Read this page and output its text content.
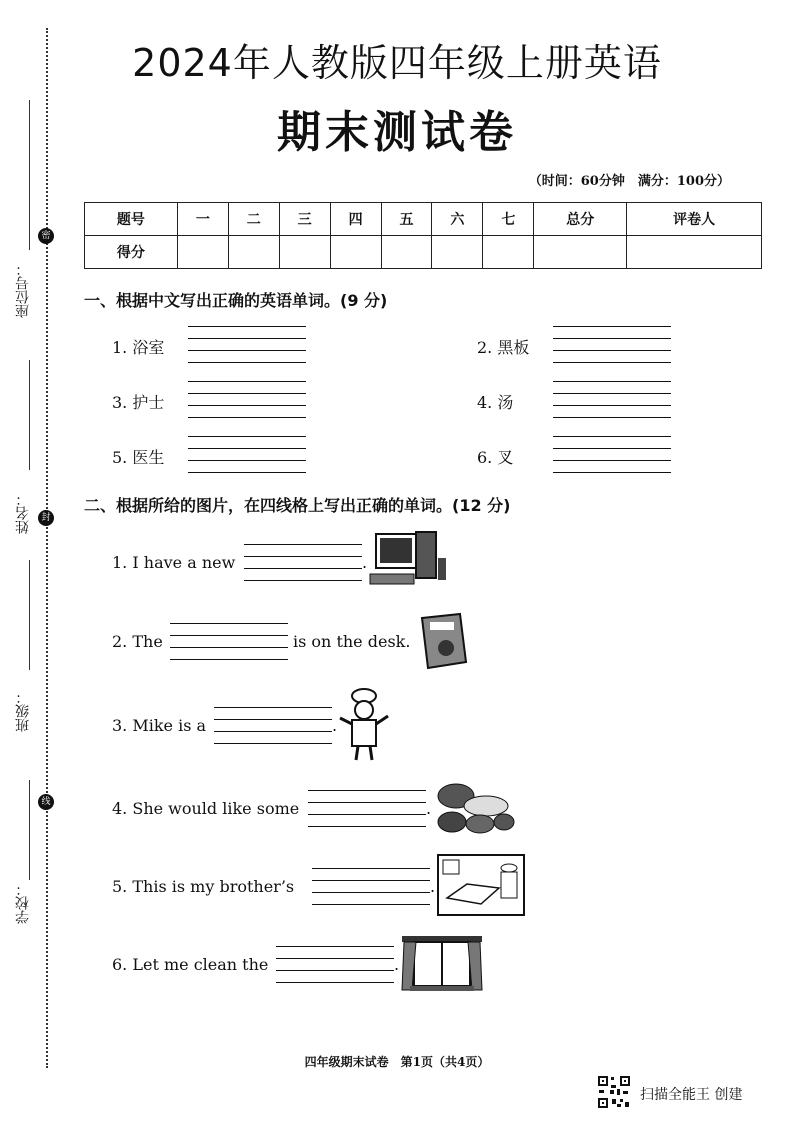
密
封
线
座位号：
姓名：
班级：
学校：
2024年人教版四年级上册英语
期末测试卷
（时间：60分钟　满分：100分）
题号	一	二	三	四	五	六	七	总分	评卷人
得分									
一、根据中文写出正确的英语单词。(9 分)
1. 浴室	2. 黑板
3. 护士	4. 汤
5. 医生	6. 叉
二、根据所给的图片，在四线格上写出正确的单词。(12 分)
1. I have a new	.
2. The	is on the desk.
3. Mike is a	.
4. She would like some	.
5. This is my brother’s	.
6. Let me clean the	.
四年级期末试卷　第1页（共4页）
扫描全能王 创建
